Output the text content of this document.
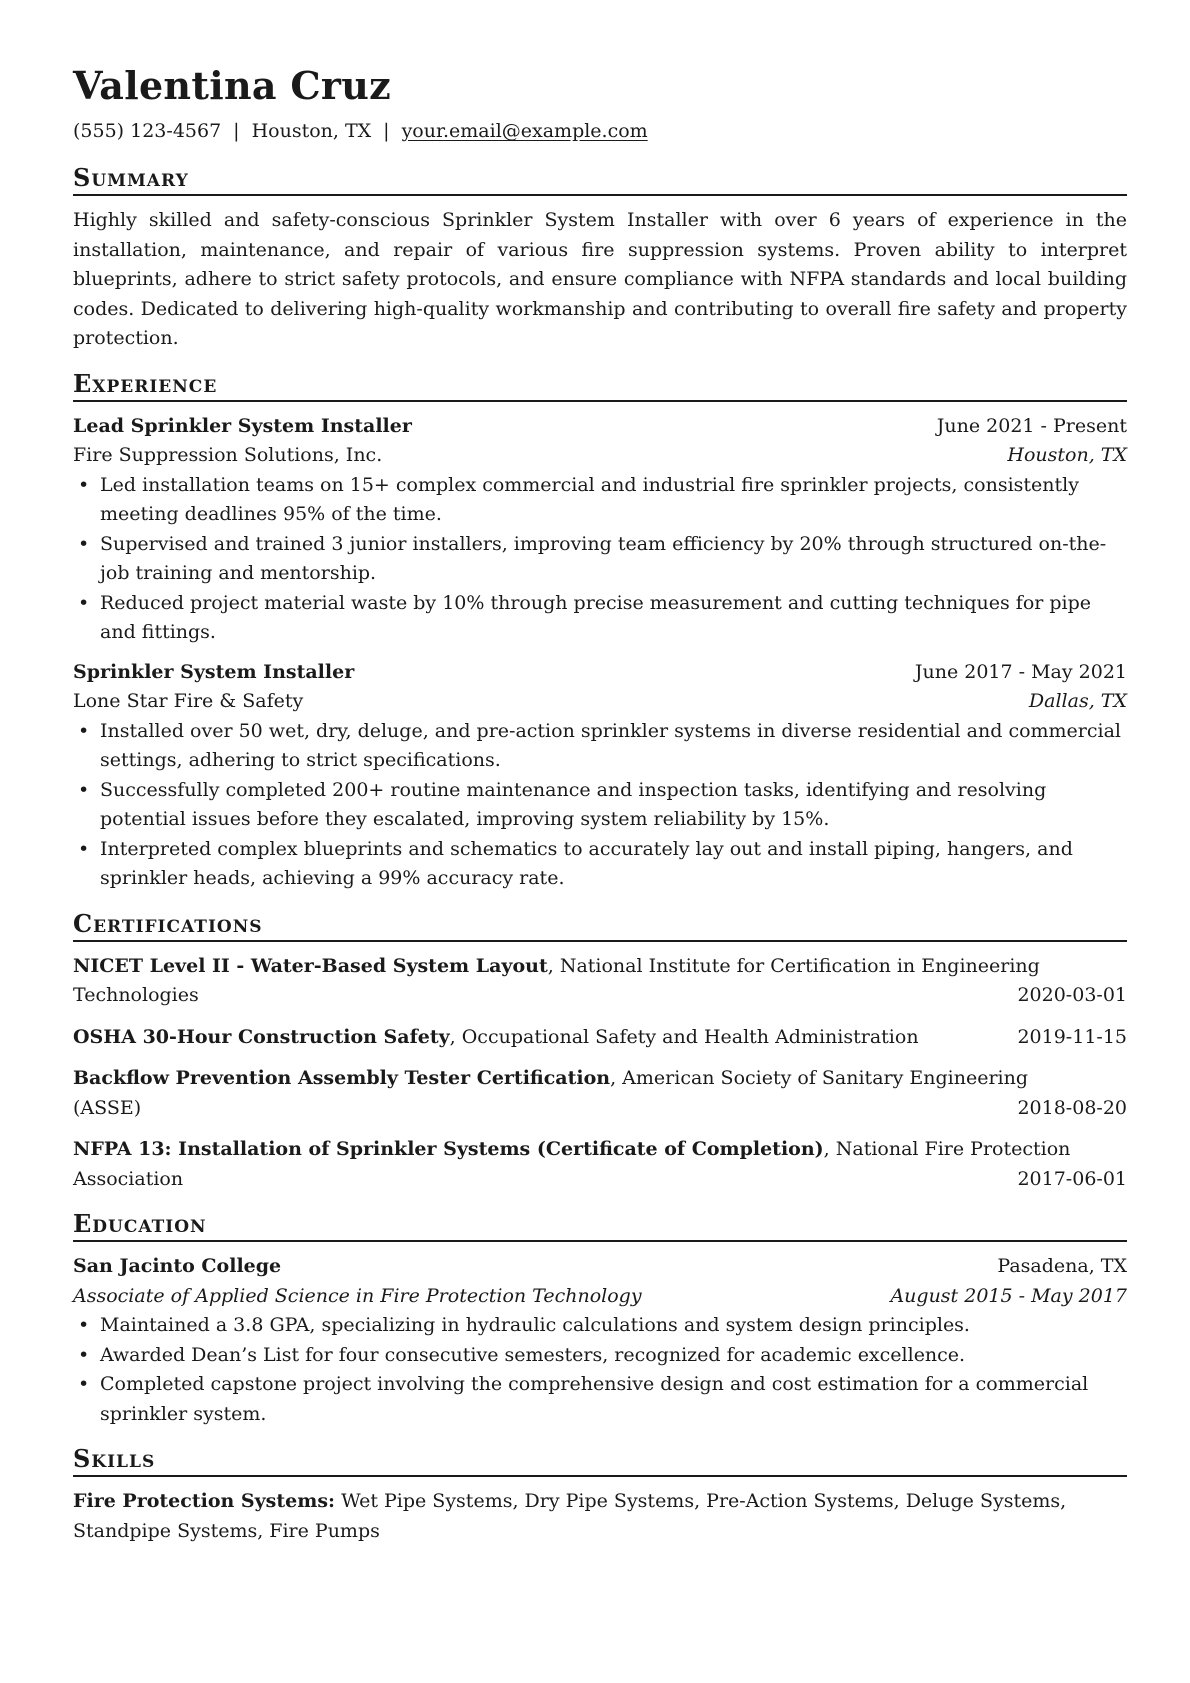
Valentina Cruz
(555) 123-4567 | Houston, TX | your.email@example.com
Summary
Highly skilled and safety-conscious Sprinkler System Installer with over 6 years of experience in the installation, maintenance, and repair of various fire suppression systems. Proven ability to interpret blueprints, adhere to strict safety protocols, and ensure compliance with NFPA standards and local building codes. Dedicated to delivering high-quality workmanship and contributing to overall fire safety and property protection.
Experience
Lead Sprinkler System Installer	June 2021 - Present
Fire Suppression Solutions, Inc.	Houston, TX
• Led installation teams on 15+ complex commercial and industrial fire sprinkler projects, consistently meeting deadlines 95% of the time.
• Supervised and trained 3 junior installers, improving team efficiency by 20% through structured on-the-job training and mentorship.
• Reduced project material waste by 10% through precise measurement and cutting techniques for pipe and fittings.
Sprinkler System Installer	June 2017 - May 2021
Lone Star Fire & Safety	Dallas, TX
• Installed over 50 wet, dry, deluge, and pre-action sprinkler systems in diverse residential and commercial settings, adhering to strict specifications.
• Successfully completed 200+ routine maintenance and inspection tasks, identifying and resolving potential issues before they escalated, improving system reliability by 15%.
• Interpreted complex blueprints and schematics to accurately lay out and install piping, hangers, and sprinkler heads, achieving a 99% accuracy rate.
Certifications
NICET Level II - Water-Based System Layout, National Institute for Certification in Engineering
Technologies	2020-03-01
OSHA 30-Hour Construction Safety, Occupational Safety and Health Administration	2019-11-15
Backflow Prevention Assembly Tester Certification, American Society of Sanitary Engineering
(ASSE)	2018-08-20
NFPA 13: Installation of Sprinkler Systems (Certificate of Completion), National Fire Protection
Association	2017-06-01
Education
San Jacinto College	Pasadena, TX
Associate of Applied Science in Fire Protection Technology	August 2015 - May 2017
• Maintained a 3.8 GPA, specializing in hydraulic calculations and system design principles.
• Awarded Dean’s List for four consecutive semesters, recognized for academic excellence.
• Completed capstone project involving the comprehensive design and cost estimation for a commercial sprinkler system.
Skills
Fire Protection Systems: Wet Pipe Systems, Dry Pipe Systems, Pre-Action Systems, Deluge Systems, Standpipe Systems, Fire Pumps
